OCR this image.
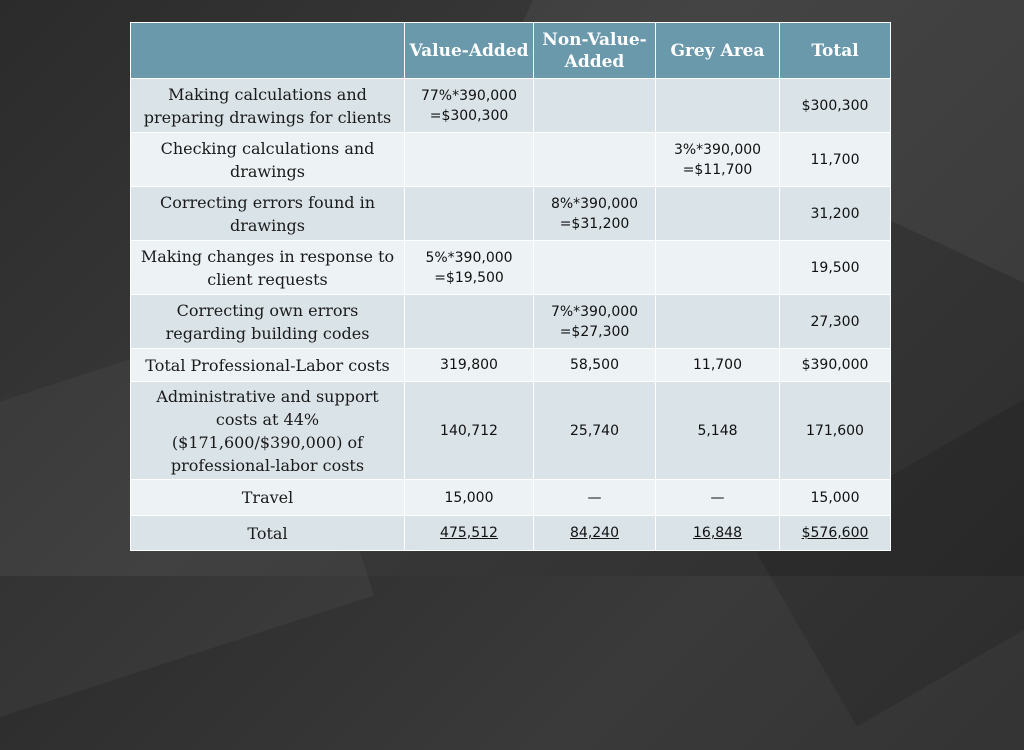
	Value-Added	Non-Value-Added	Grey Area	Total
Making calculations and preparing drawings for clients	77%*390,000 =$300,300			$300,300
Checking calculations and drawings			3%*390,000 =$11,700	11,700
Correcting errors found in drawings		8%*390,000 =$31,200		31,200
Making changes in response to client requests	5%*390,000 =$19,500			19,500
Correcting own errors regarding building codes		7%*390,000 =$27,300		27,300
Total Professional-Labor costs	319,800	58,500	11,700	$390,000
Administrative and support costs at 44% ($171,600/$390,000) of professional-labor costs	140,712	25,740	5,148	171,600
Travel	15,000	—	—	15,000
Total	475,512	84,240	16,848	$576,600
